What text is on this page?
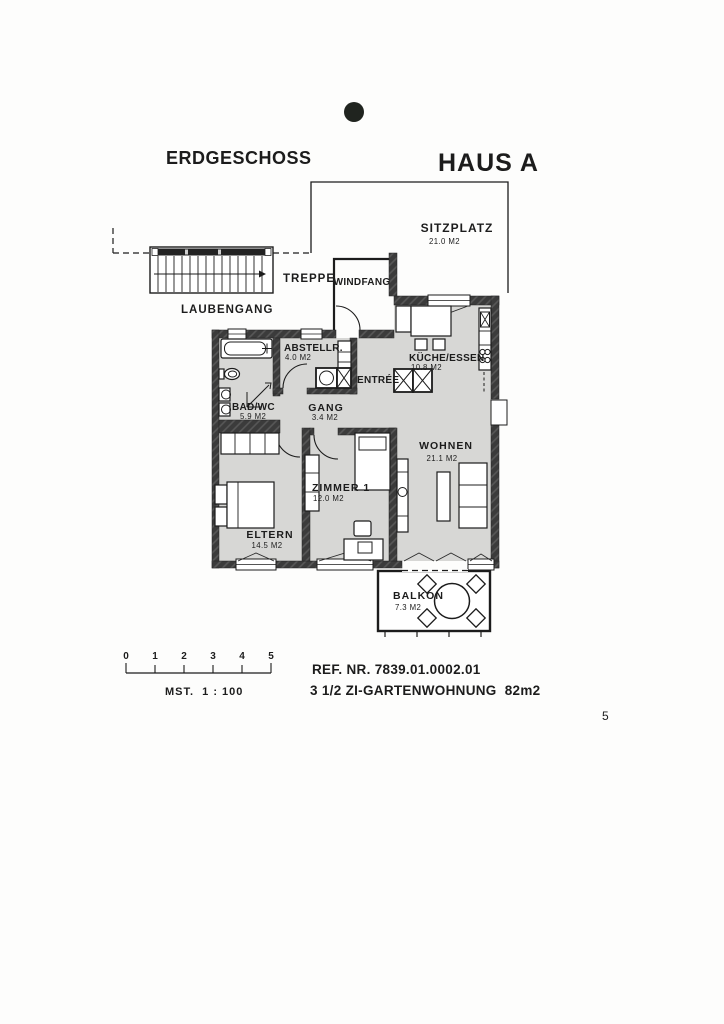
ERDGESCHOSS	HAUS A
SITZPLATZ
21.0 M2
TREPPE
LAUBENGANG
WINDFANG
ABSTELLR.
4.0 M2
ENTRÉE
KÜCHE/ESSEN
10.8 M2
BAD/WC
5.9 M2
GANG
3.4 M2
WOHNEN
21.1 M2
ZIMMER 1
12.0 M2
ELTERN
14.5 M2
BALKON
7.3 M2
0 1 2 3 4 5
MST.  1 : 100
REF. NR. 7839.01.0002.01
3 1/2 ZI-GARTENWOHNUNG  82m2
5
